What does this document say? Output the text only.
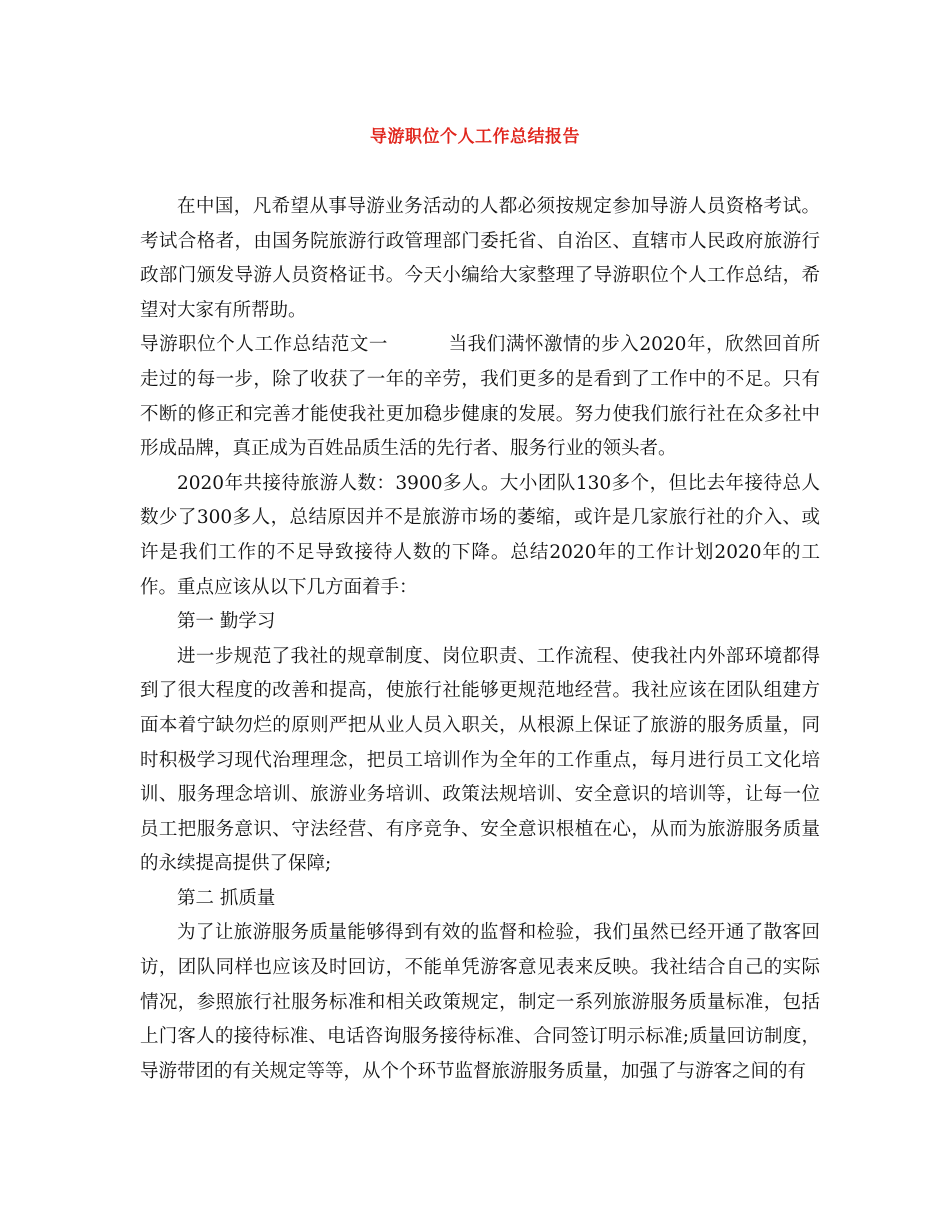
导游职位个人工作总结报告

在中国，凡希望从事导游业务活动的人都必须按规定参加导游人员资格考试。考试合格者，由国务院旅游行政管理部门委托省、自治区、直辖市人民政府旅游行政部门颁发导游人员资格证书。今天小编给大家整理了导游职位个人工作总结，希望对大家有所帮助。

导游职位个人工作总结范文一	当我们满怀激情的步入2020年，欣然回首所走过的每一步，除了收获了一年的辛劳，我们更多的是看到了工作中的不足。只有不断的修正和完善才能使我社更加稳步健康的发展。努力使我们旅行社在众多社中形成品牌，真正成为百姓品质生活的先行者、服务行业的领头者。

2020年共接待旅游人数：3900多人。大小团队130多个，但比去年接待总人数少了300多人，总结原因并不是旅游市场的萎缩，或许是几家旅行社的介入、或许是我们工作的不足导致接待人数的下降。总结2020年的工作计划2020年的工作。重点应该从以下几方面着手：

第一 勤学习

进一步规范了我社的规章制度、岗位职责、工作流程、使我社内外部环境都得到了很大程度的改善和提高，使旅行社能够更规范地经营。我社应该在团队组建方面本着宁缺勿烂的原则严把从业人员入职关，从根源上保证了旅游的服务质量，同时积极学习现代治理理念，把员工培训作为全年的工作重点，每月进行员工文化培训、服务理念培训、旅游业务培训、政策法规培训、安全意识的培训等，让每一位员工把服务意识、守法经营、有序竞争、安全意识根植在心，从而为旅游服务质量的永续提高提供了保障;

第二 抓质量

为了让旅游服务质量能够得到有效的监督和检验，我们虽然已经开通了散客回访，团队同样也应该及时回访，不能单凭游客意见表来反映。我社结合自己的实际情况，参照旅行社服务标准和相关政策规定，制定一系列旅游服务质量标准，包括上门客人的接待标准、电话咨询服务接待标准、合同签订明示标准;质量回访制度，导游带团的有关规定等等，从个个环节监督旅游服务质量，加强了与游客之间的有
